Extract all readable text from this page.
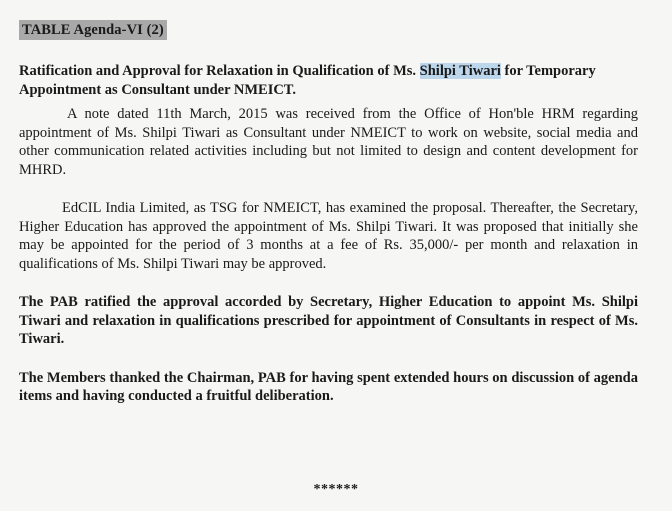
TABLE Agenda-VI (2)
Ratification and Approval for Relaxation in Qualification of Ms. Shilpi Tiwari for Temporary Appointment as Consultant under NMEICT.
A note dated 11th March, 2015 was received from the Office of Hon'ble HRM regarding appointment of Ms. Shilpi Tiwari as Consultant under NMEICT to work on website, social media and other communication related activities including but not limited to design and content development for MHRD.
EdCIL India Limited, as TSG for NMEICT, has examined the proposal. Thereafter, the Secretary, Higher Education has approved the appointment of Ms. Shilpi Tiwari. It was proposed that initially she may be appointed for the period of 3 months at a fee of Rs. 35,000/- per month and relaxation in qualifications of Ms. Shilpi Tiwari may be approved.
The PAB ratified the approval accorded by Secretary, Higher Education to appoint Ms. Shilpi Tiwari and relaxation in qualifications prescribed for appointment of Consultants in respect of Ms. Tiwari.
The Members thanked the Chairman, PAB for having spent extended hours on discussion of agenda items and having conducted a fruitful deliberation.
******
